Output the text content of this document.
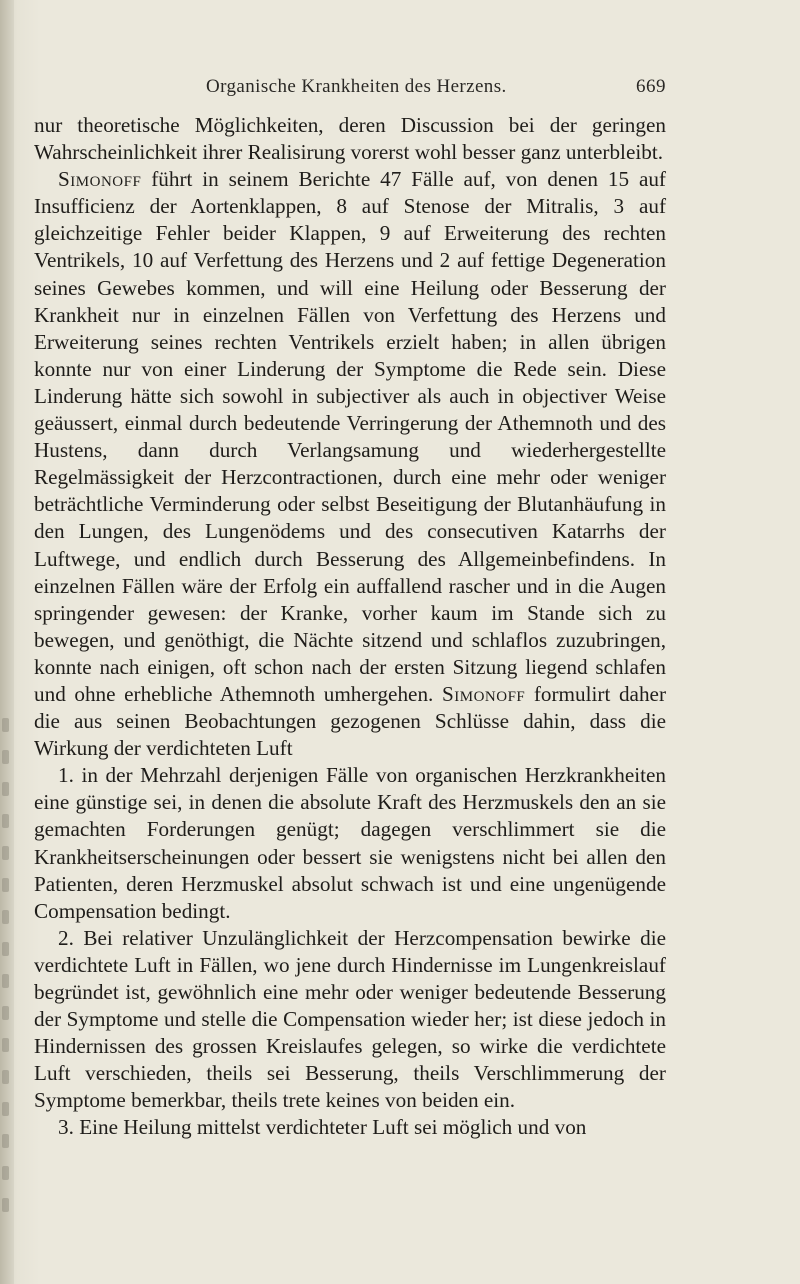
Organische Krankheiten des Herzens.	669

nur theoretische Möglichkeiten, deren Discussion bei der geringen Wahrscheinlichkeit ihrer Realisirung vorerst wohl besser ganz unterbleibt.

Simonoff führt in seinem Berichte 47 Fälle auf, von denen 15 auf Insufficienz der Aortenklappen, 8 auf Stenose der Mitralis, 3 auf gleichzeitige Fehler beider Klappen, 9 auf Erweiterung des rechten Ventrikels, 10 auf Verfettung des Herzens und 2 auf fettige Degeneration seines Gewebes kommen, und will eine Heilung oder Besserung der Krankheit nur in einzelnen Fällen von Verfettung des Herzens und Erweiterung seines rechten Ventrikels erzielt haben; in allen übrigen konnte nur von einer Linderung der Symptome die Rede sein. Diese Linderung hätte sich sowohl in subjectiver als auch in objectiver Weise geäussert, einmal durch bedeutende Verringerung der Athemnoth und des Hustens, dann durch Verlangsamung und wiederhergestellte Regelmässigkeit der Herzcontractionen, durch eine mehr oder weniger beträchtliche Verminderung oder selbst Beseitigung der Blutanhäufung in den Lungen, des Lungenödems und des consecutiven Katarrhs der Luftwege, und endlich durch Besserung des Allgemeinbefindens. In einzelnen Fällen wäre der Erfolg ein auffallend rascher und in die Augen springender gewesen: der Kranke, vorher kaum im Stande sich zu bewegen, und genöthigt, die Nächte sitzend und schlaflos zuzubringen, konnte nach einigen, oft schon nach der ersten Sitzung liegend schlafen und ohne erhebliche Athemnoth umhergehen. Simonoff formulirt daher die aus seinen Beobachtungen gezogenen Schlüsse dahin, dass die Wirkung der verdichteten Luft

1. in der Mehrzahl derjenigen Fälle von organischen Herzkrankheiten eine günstige sei, in denen die absolute Kraft des Herzmuskels den an sie gemachten Forderungen genügt; dagegen verschlimmert sie die Krankheitserscheinungen oder bessert sie wenigstens nicht bei allen den Patienten, deren Herzmuskel absolut schwach ist und eine ungenügende Compensation bedingt.

2. Bei relativer Unzulänglichkeit der Herzcompensation bewirke die verdichtete Luft in Fällen, wo jene durch Hindernisse im Lungenkreislauf begründet ist, gewöhnlich eine mehr oder weniger bedeutende Besserung der Symptome und stelle die Compensation wieder her; ist diese jedoch in Hindernissen des grossen Kreislaufes gelegen, so wirke die verdichtete Luft verschieden, theils sei Besserung, theils Verschlimmerung der Symptome bemerkbar, theils trete keines von beiden ein.

3. Eine Heilung mittelst verdichteter Luft sei möglich und von
